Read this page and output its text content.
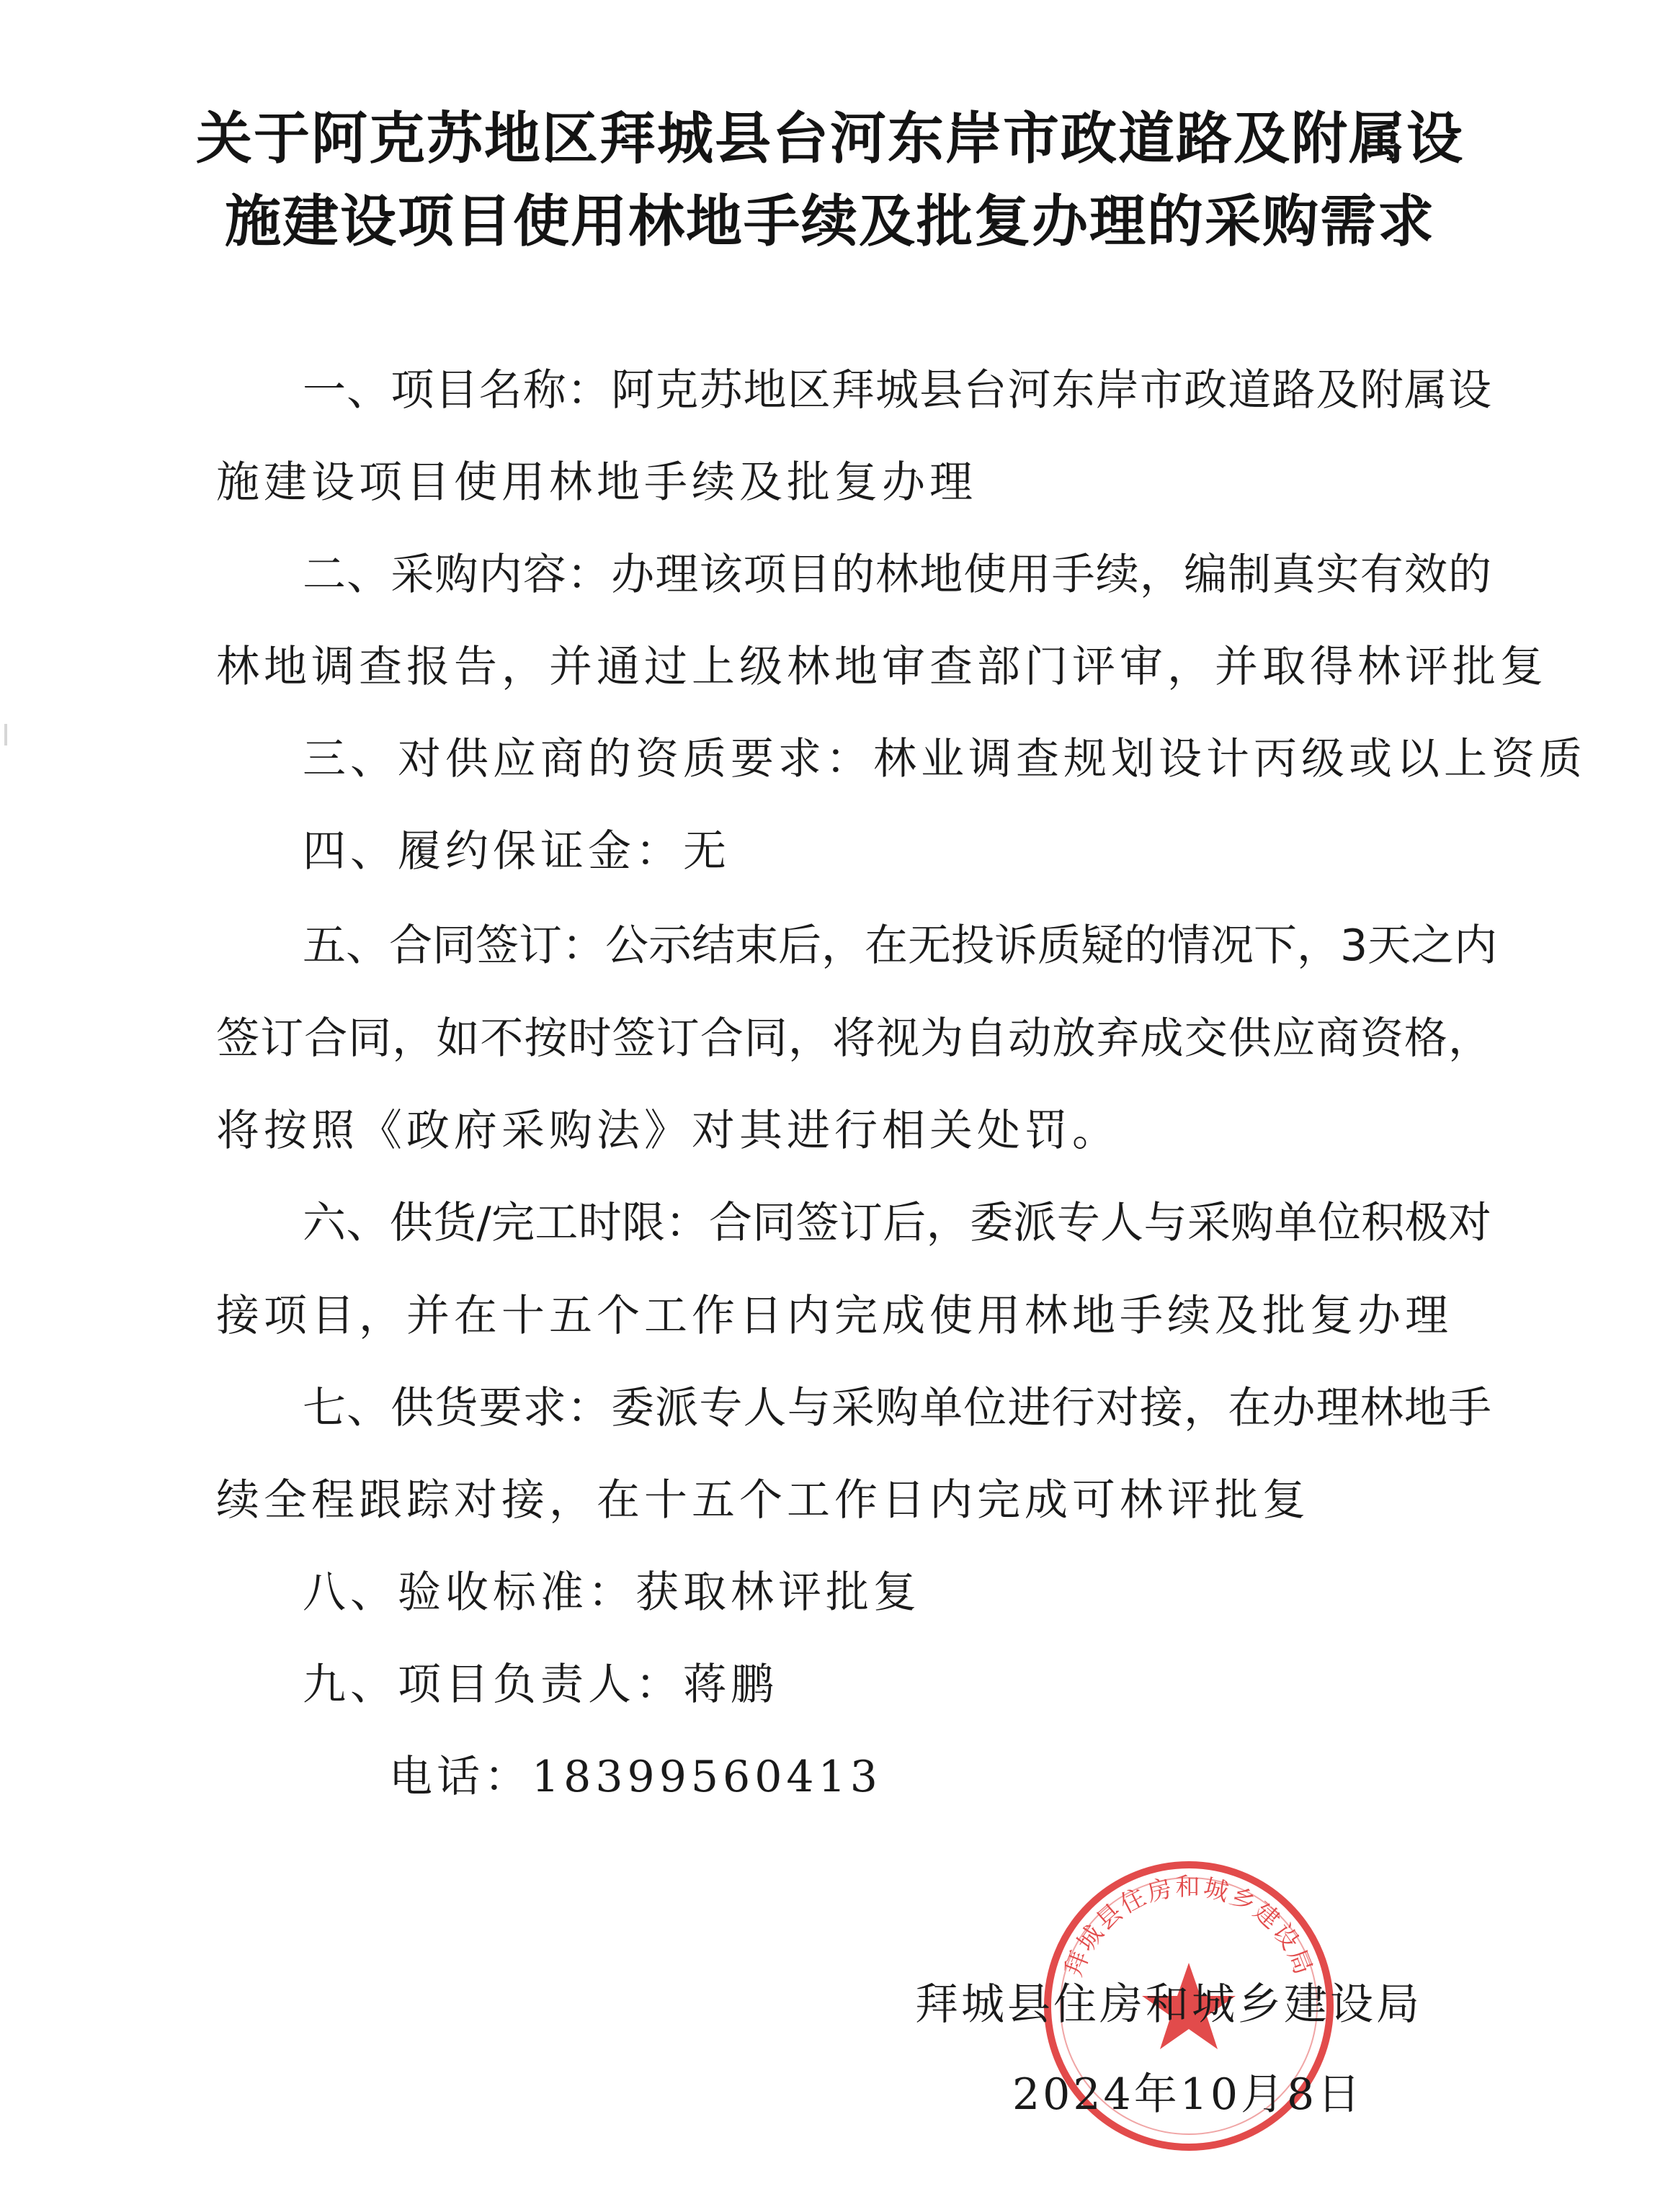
关于阿克苏地区拜城县台河东岸市政道路及附属设
施建设项目使用林地手续及批复办理的采购需求
一、项目名称：阿克苏地区拜城县台河东岸市政道路及附属设
施建设项目使用林地手续及批复办理
二、采购内容：办理该项目的林地使用手续，编制真实有效的
林地调查报告，并通过上级林地审查部门评审，并取得林评批复
三、对供应商的资质要求：林业调查规划设计丙级或以上资质
四、履约保证金：无
五、合同签订：公示结束后，在无投诉质疑的情况下，3天之内
签订合同，如不按时签订合同，将视为自动放弃成交供应商资格，
将按照《政府采购法》对其进行相关处罚。
六、供货/完工时限：合同签订后，委派专人与采购单位积极对
接项目，并在十五个工作日内完成使用林地手续及批复办理
七、供货要求：委派专人与采购单位进行对接，在办理林地手
续全程跟踪对接，在十五个工作日内完成可林评批复
八、验收标准：获取林评批复
九、项目负责人：蒋鹏
电话：18399560413
拜城县住房和城乡建设局
拜城县住房和城乡建设局
2024年10月8日
